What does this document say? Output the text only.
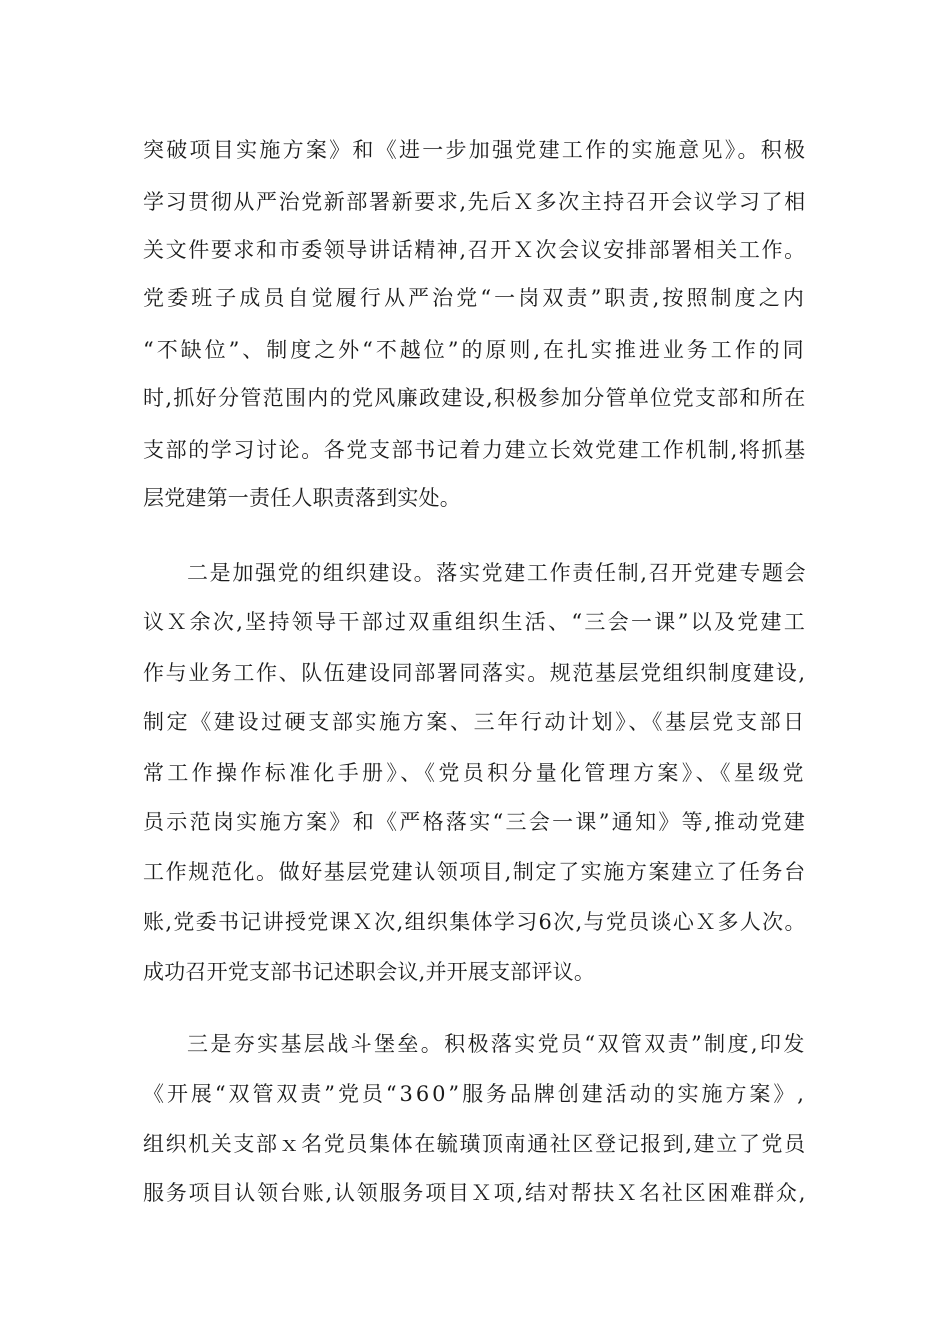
突破项目实施方案》和《进一步加强党建工作的实施意见》。积极
学习贯彻从严治党新部署新要求,先后Ｘ多次主持召开会议学习了相
关文件要求和市委领导讲话精神,召开Ｘ次会议安排部署相关工作。
党委班子成员自觉履行从严治党“一岗双责”职责,按照制度之内
“不缺位”、制度之外“不越位”的原则,在扎实推进业务工作的同
时,抓好分管范围内的党风廉政建设,积极参加分管单位党支部和所在
支部的学习讨论。各党支部书记着力建立长效党建工作机制,将抓基
层党建第一责任人职责落到实处。
二是加强党的组织建设。落实党建工作责任制,召开党建专题会
议Ｘ余次,坚持领导干部过双重组织生活、“三会一课”以及党建工
作与业务工作、队伍建设同部署同落实。规范基层党组织制度建设,
制定《建设过硬支部实施方案、三年行动计划》、《基层党支部日
常工作操作标准化手册》、《党员积分量化管理方案》、《星级党
员示范岗实施方案》和《严格落实“三会一课”通知》等,推动党建
工作规范化。做好基层党建认领项目,制定了实施方案建立了任务台
账,党委书记讲授党课Ｘ次,组织集体学习6次,与党员谈心Ｘ多人次。
成功召开党支部书记述职会议,并开展支部评议。
三是夯实基层战斗堡垒。积极落实党员“双管双责”制度,印发
《开展“双管双责”党员“360”服务品牌创建活动的实施方案》,
组织机关支部ｘ名党员集体在毓璜顶南通社区登记报到,建立了党员
服务项目认领台账,认领服务项目Ｘ项,结对帮扶Ｘ名社区困难群众,
